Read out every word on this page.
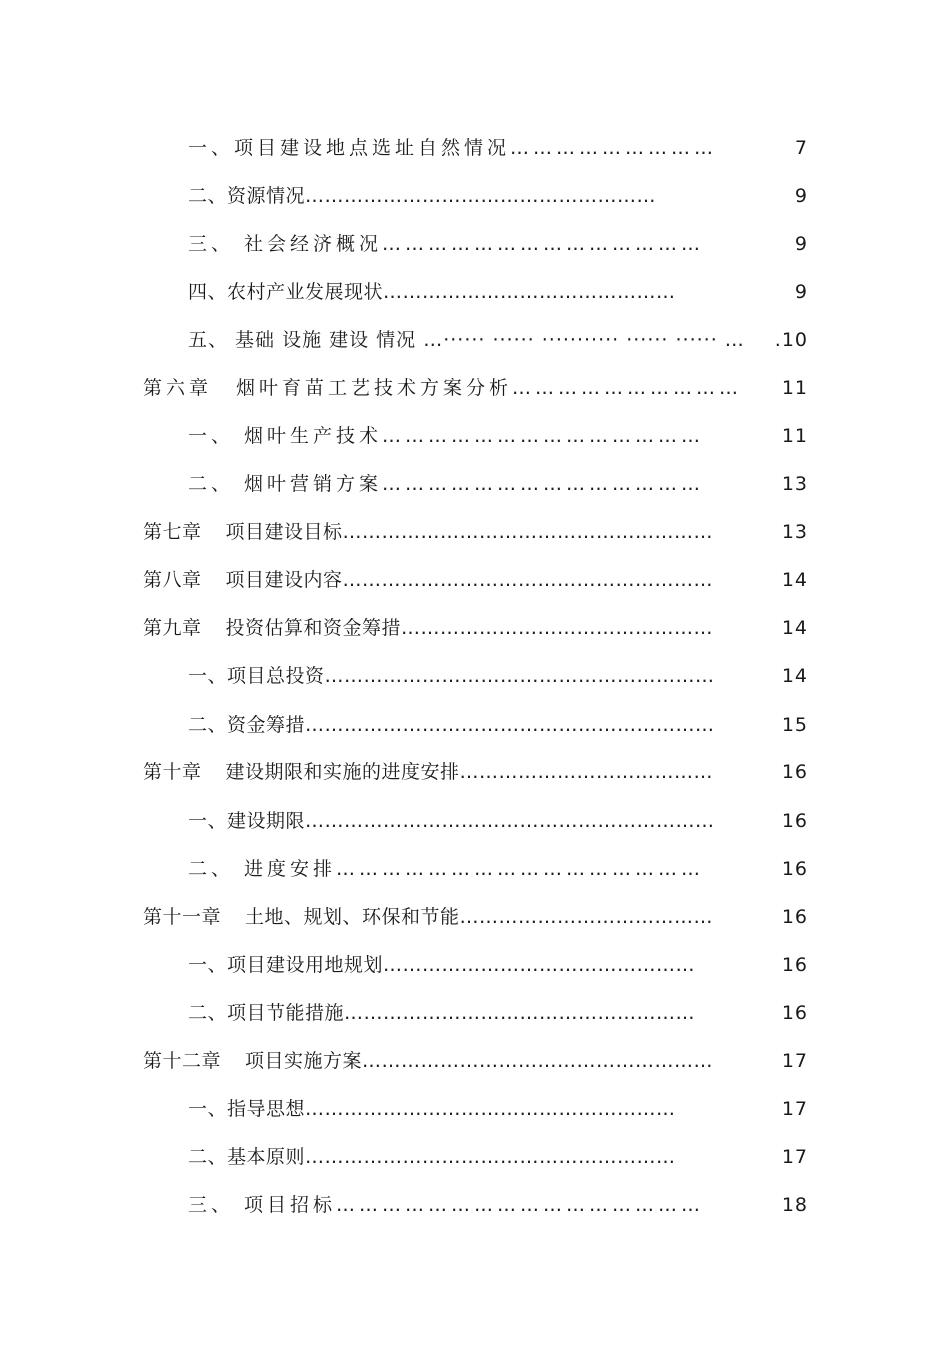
一、项目建设地点选址自然情况………………………	7
二、资源情况………………………………………………	9
三、 社会经济概况……………………………………	9
四、农村产业发展现状………………………………………	9
五、 基础 设施 建设 情况 …······ ······ ··········· ······ ······ … .10
第六章 烟叶育苗工艺技术方案分析………………………… 11
一、 烟叶生产技术……………………………………	11
二、 烟叶营销方案……………………………………	13
第七章 项目建设目标…………………………………………………	13
第八章 项目建设内容…………………………………………………	14
第九章 投资估算和资金筹措…………………………………………	14
一、项目总投资……………………………………………………	14
二、资金筹措………………………………………………………	15
第十章 建设期限和实施的进度安排…………………………………	16
一、建设期限………………………………………………………	16
二、 进度安排…………………………………………	16
第十一章 土地、规划、环保和节能…………………………………	16
一、项目建设用地规划…………………………………………	16
二、项目节能措施………………………………………………	16
第十二章 项目实施方案………………………………………………	17
一、指导思想…………………………………………………	17
二、基本原则…………………………………………………	17
三、 项目招标…………………………………………	18
